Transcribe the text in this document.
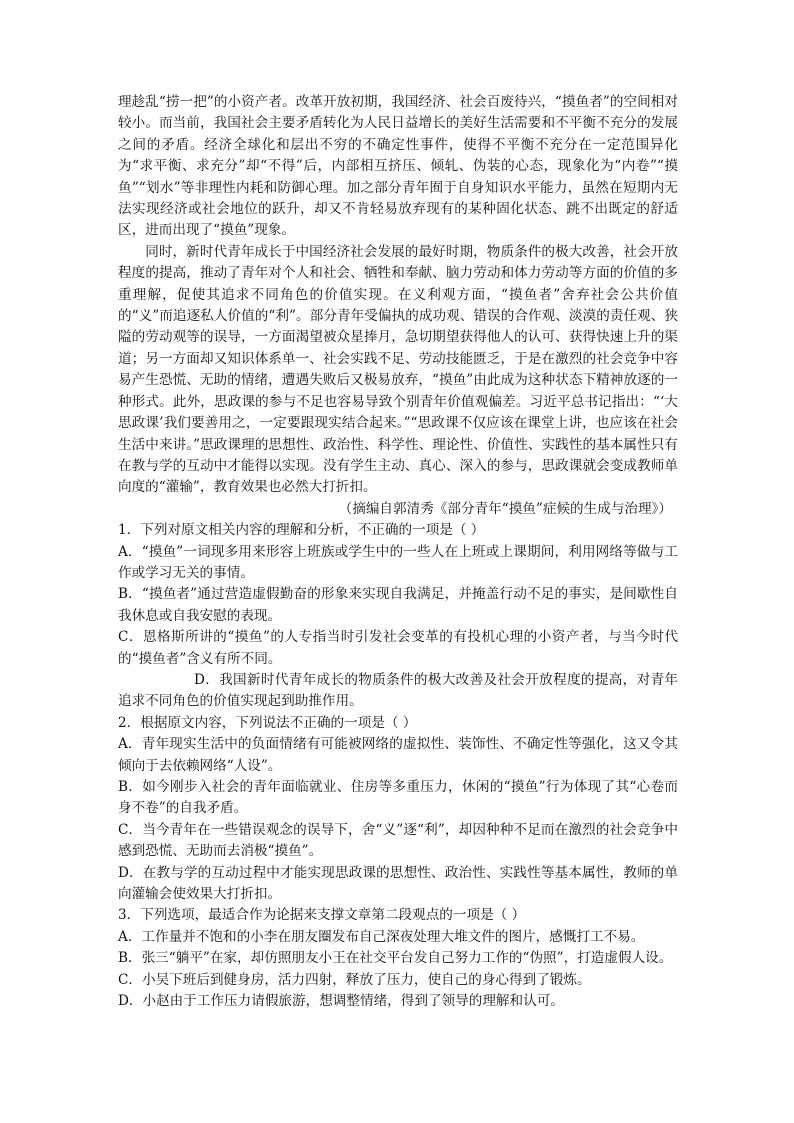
理趁乱“捞一把”的小资产者。改革开放初期，我国经济、社会百废待兴，“摸鱼者”的空间相对较小。而当前，我国社会主要矛盾转化为人民日益增长的美好生活需要和不平衡不充分的发展之间的矛盾。经济全球化和层出不穷的不确定性事件，使得不平衡不充分在一定范围异化为“求平衡、求充分”却“不得”后，内部相互挤压、倾轧、伪装的心态，现象化为“内卷”“摸鱼”“划水”等非理性内耗和防御心理。加之部分青年囿于自身知识水平能力，虽然在短期内无法实现经济或社会地位的跃升，却又不肯轻易放弃现有的某种固化状态、跳不出既定的舒适区，进而出现了“摸鱼”现象。

同时，新时代青年成长于中国经济社会发展的最好时期，物质条件的极大改善，社会开放程度的提高，推动了青年对个人和社会、牺牲和奉献、脑力劳动和体力劳动等方面的价值的多重理解，促使其追求不同角色的价值实现。在义利观方面，“摸鱼者”舍弃社会公共价值的“义”而追逐私人价值的“利”。部分青年受偏执的成功观、错误的合作观、淡漠的责任观、狭隘的劳动观等的误导，一方面渴望被众星捧月，急切期望获得他人的认可、获得快速上升的渠道；另一方面却又知识体系单一、社会实践不足、劳动技能匮乏，于是在激烈的社会竞争中容易产生恐慌、无助的情绪，遭遇失败后又极易放弃，“摸鱼”由此成为这种状态下精神放逐的一种形式。此外，思政课的参与不足也容易导致个别青年价值观偏差。习近平总书记指出：“‘大思政课’我们要善用之，一定要跟现实结合起来。”“思政课不仅应该在课堂上讲，也应该在社会生活中来讲。”思政课理的思想性、政治性、科学性、理论性、价值性、实践性的基本属性只有在教与学的互动中才能得以实现。没有学生主动、真心、深入的参与，思政课就会变成教师单向度的“灌输”，教育效果也必然大打折扣。

（摘编自郭清秀《部分青年“摸鱼”症候的生成与治理》）

1．下列对原文相关内容的理解和分析，不正确的一项是（ ）

A．“摸鱼”一词现多用来形容上班族或学生中的一些人在上班或上课期间，利用网络等做与工作或学习无关的事情。

B．“摸鱼者”通过营造虚假勤奋的形象来实现自我满足，并掩盖行动不足的事实，是间歇性自我休息或自我安慰的表现。

C．恩格斯所讲的“摸鱼”的人专指当时引发社会变革的有投机心理的小资产者，与当今时代的“摸鱼者”含义有所不同。

D．我国新时代青年成长的物质条件的极大改善及社会开放程度的提高，对青年追求不同角色的价值实现起到助推作用。

2．根据原文内容，下列说法不正确的一项是（ ）

A．青年现实生活中的负面情绪有可能被网络的虚拟性、装饰性、不确定性等强化，这又令其倾向于去依赖网络“人设”。

B．如今刚步入社会的青年面临就业、住房等多重压力，休闲的“摸鱼”行为体现了其“心卷而身不卷”的自我矛盾。

C．当今青年在一些错误观念的误导下，舍“义”逐“利”，却因种种不足而在激烈的社会竞争中感到恐慌、无助而去消极“摸鱼”。

D．在教与学的互动过程中才能实现思政课的思想性、政治性、实践性等基本属性，教师的单向灌输会使效果大打折扣。

3．下列选项，最适合作为论据来支撑文章第二段观点的一项是（ ）

A．工作量并不饱和的小李在朋友圈发布自己深夜处理大堆文件的图片，感慨打工不易。

B．张三“躺平”在家，却仿照朋友小王在社交平台发自己努力工作的“伪照”，打造虚假人设。

C．小吴下班后到健身房，活力四射，释放了压力，使自己的身心得到了锻炼。

D．小赵由于工作压力请假旅游，想调整情绪，得到了领导的理解和认可。
